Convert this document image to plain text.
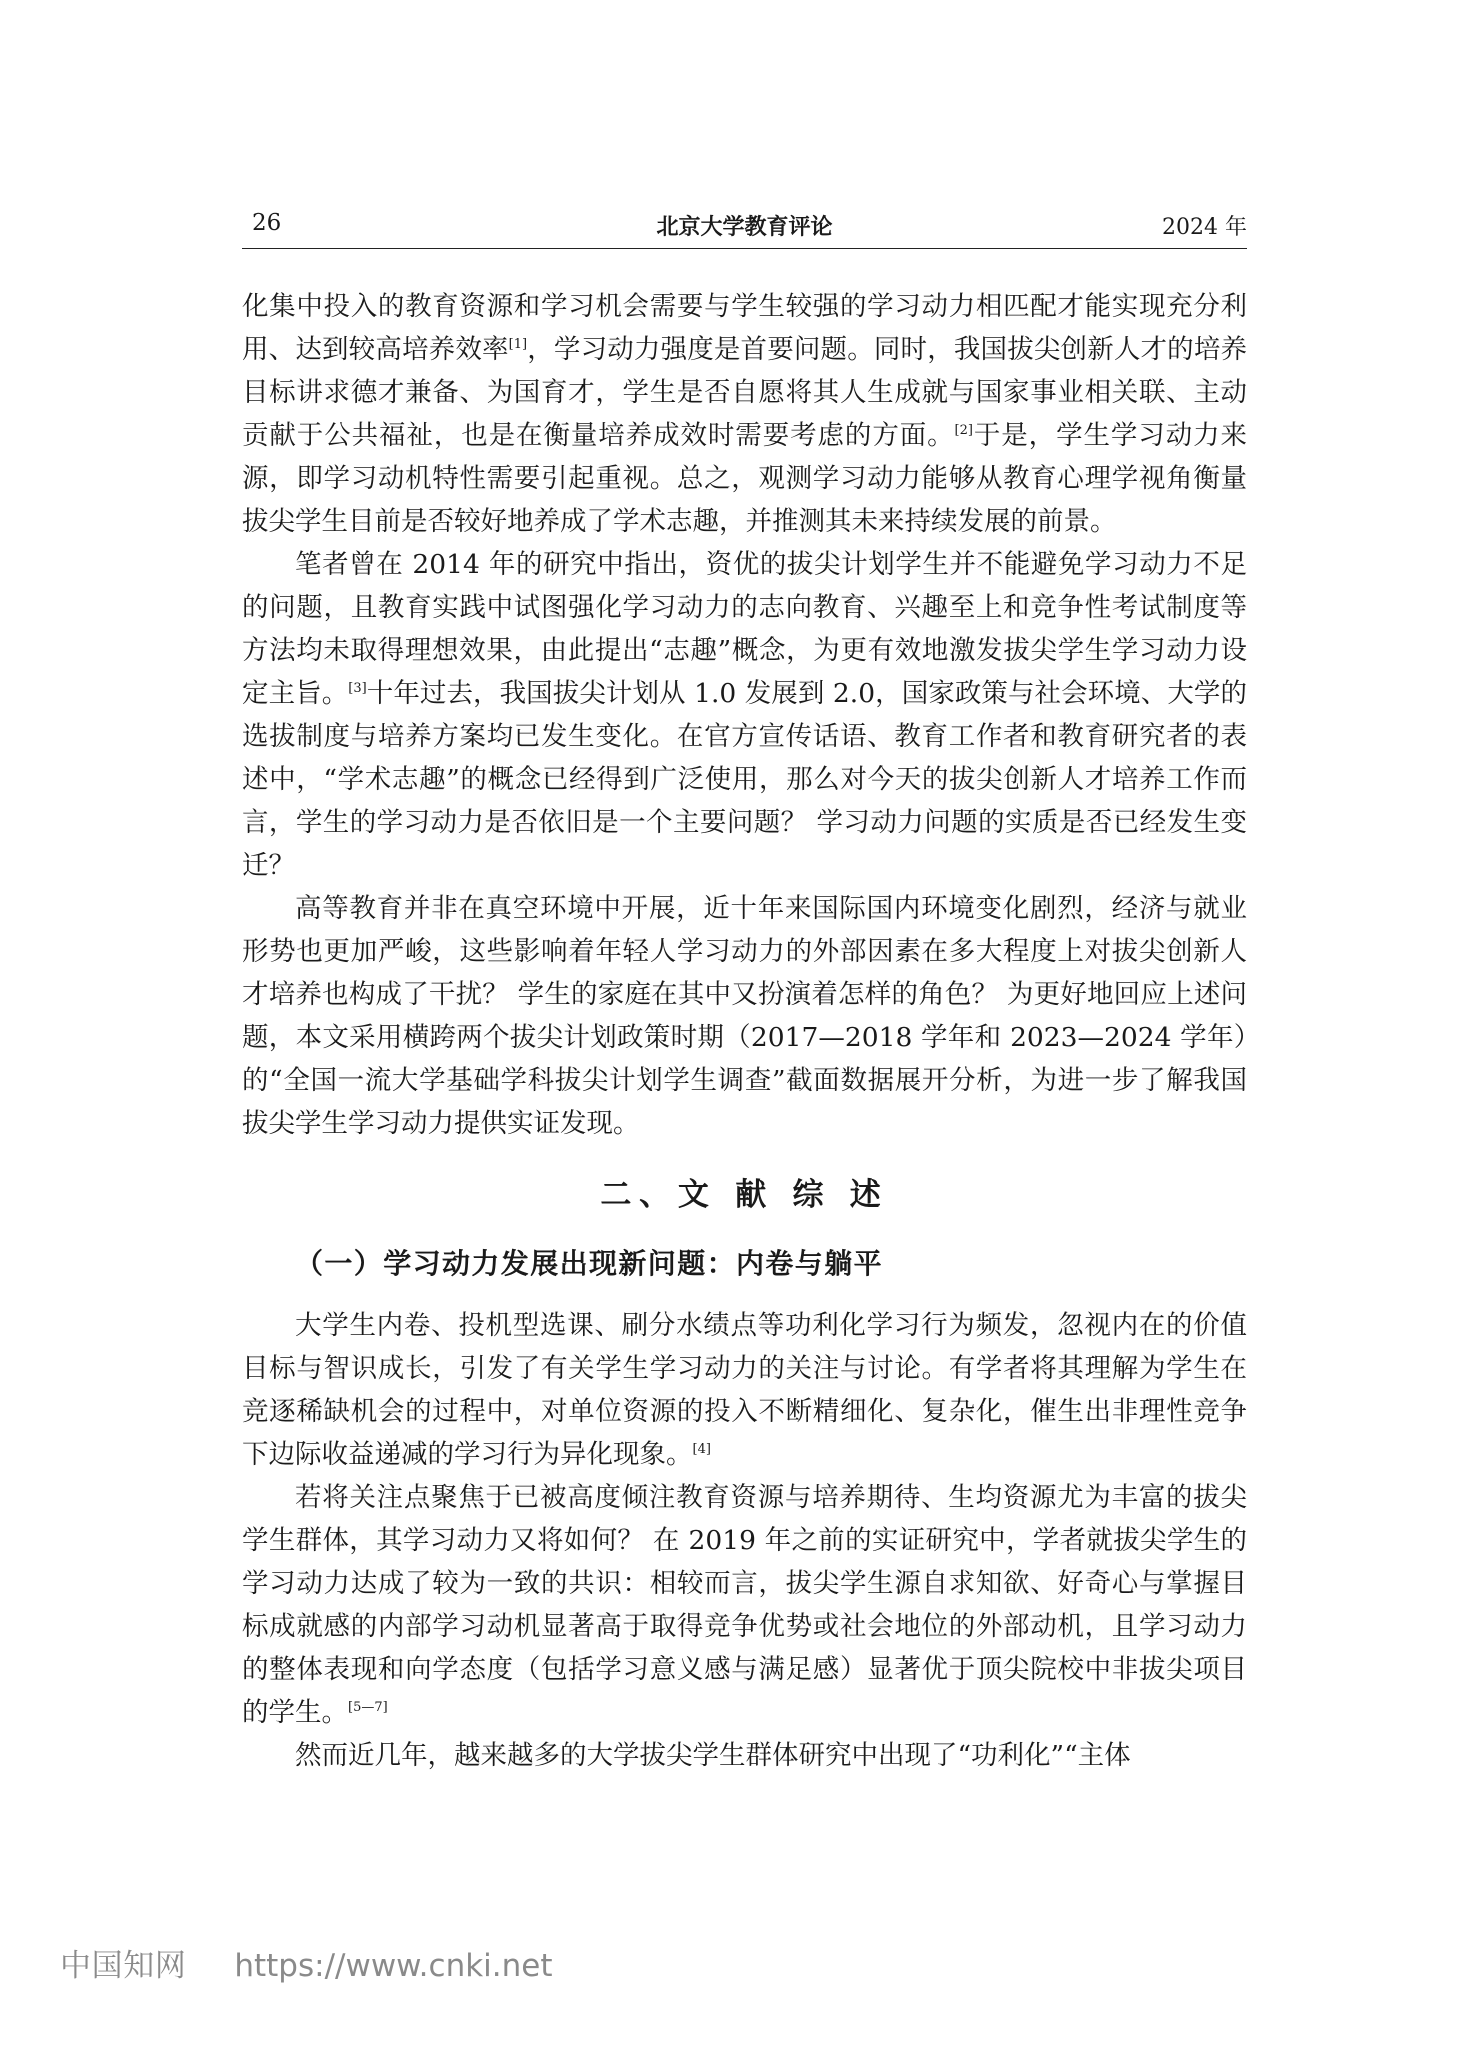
26	北京大学教育评论	2024 年

化集中投入的教育资源和学习机会需要与学生较强的学习动力相匹配才能实现充分利用、达到较高培养效率[1]，学习动力强度是首要问题。同时，我国拔尖创新人才的培养目标讲求德才兼备、为国育才，学生是否自愿将其人生成就与国家事业相关联、主动贡献于公共福祉，也是在衡量培养成效时需要考虑的方面。[2]于是，学生学习动力来源，即学习动机特性需要引起重视。总之，观测学习动力能够从教育心理学视角衡量拔尖学生目前是否较好地养成了学术志趣，并推测其未来持续发展的前景。

笔者曾在 2014 年的研究中指出，资优的拔尖计划学生并不能避免学习动力不足的问题，且教育实践中试图强化学习动力的志向教育、兴趣至上和竞争性考试制度等方法均未取得理想效果，由此提出“志趣”概念，为更有效地激发拔尖学生学习动力设定主旨。[3]十年过去，我国拔尖计划从 1.0 发展到 2.0，国家政策与社会环境、大学的选拔制度与培养方案均已发生变化。在官方宣传话语、教育工作者和教育研究者的表述中，“学术志趣”的概念已经得到广泛使用，那么对今天的拔尖创新人才培养工作而言，学生的学习动力是否依旧是一个主要问题？ 学习动力问题的实质是否已经发生变迁？

高等教育并非在真空环境中开展，近十年来国际国内环境变化剧烈，经济与就业形势也更加严峻，这些影响着年轻人学习动力的外部因素在多大程度上对拔尖创新人才培养也构成了干扰？ 学生的家庭在其中又扮演着怎样的角色？ 为更好地回应上述问题，本文采用横跨两个拔尖计划政策时期（2017—2018 学年和 2023—2024 学年）的“全国一流大学基础学科拔尖计划学生调查”截面数据展开分析，为进一步了解我国拔尖学生学习动力提供实证发现。

二、文 献 综 述
（一）学习动力发展出现新问题：内卷与躺平

大学生内卷、投机型选课、刷分水绩点等功利化学习行为频发，忽视内在的价值目标与智识成长，引发了有关学生学习动力的关注与讨论。有学者将其理解为学生在竞逐稀缺机会的过程中，对单位资源的投入不断精细化、复杂化，催生出非理性竞争下边际收益递减的学习行为异化现象。[4]

若将关注点聚焦于已被高度倾注教育资源与培养期待、生均资源尤为丰富的拔尖学生群体，其学习动力又将如何？ 在 2019 年之前的实证研究中，学者就拔尖学生的学习动力达成了较为一致的共识：相较而言，拔尖学生源自求知欲、好奇心与掌握目标成就感的内部学习动机显著高于取得竞争优势或社会地位的外部动机，且学习动力的整体表现和向学态度（包括学习意义感与满足感）显著优于顶尖院校中非拔尖项目的学生。[5—7]

然而近几年，越来越多的大学拔尖学生群体研究中出现了“功利化”“主体

中国知网 https://www.cnki.net
